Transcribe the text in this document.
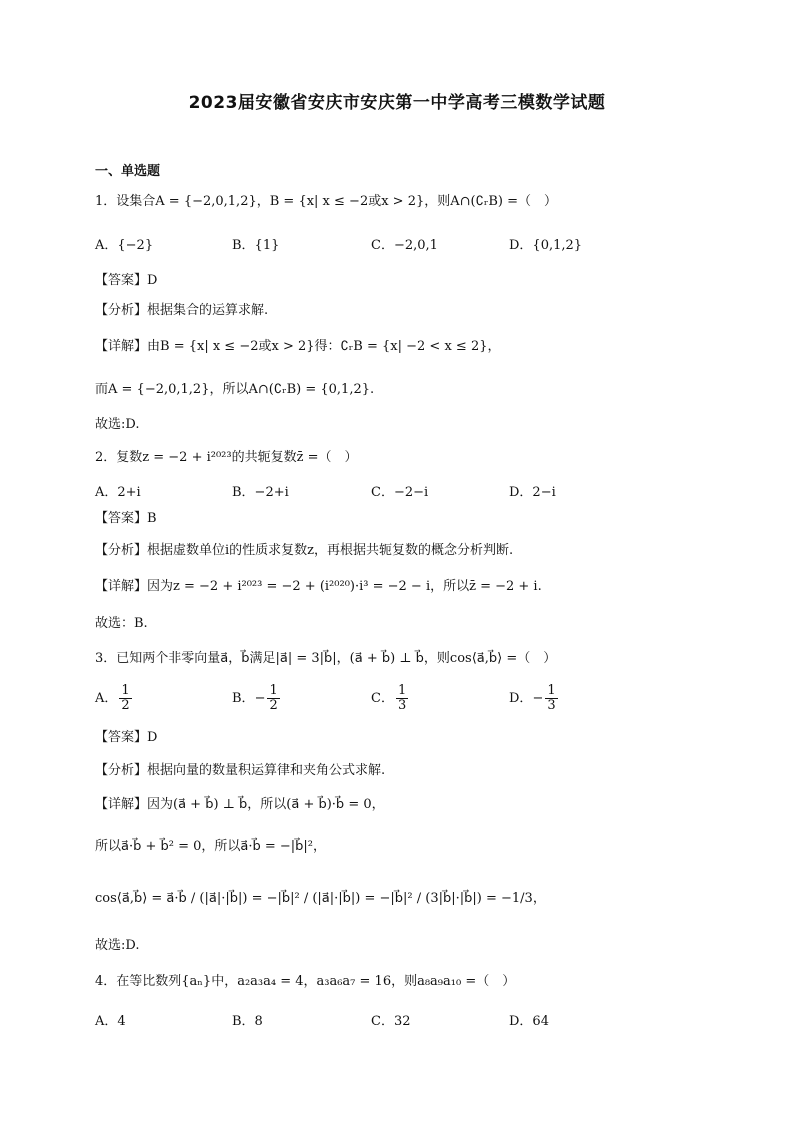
2023届安徽省安庆市安庆第一中学高考三模数学试题
一、单选题
1．设集合A = {−2,0,1,2}，B = {x| x ≤ −2或x > 2}，则A∩(∁ᵣB) =（　）
A．{−2}	B．{1}	C．−2,0,1	D．{0,1,2}
【答案】D
【分析】根据集合的运算求解.
【详解】由B = {x| x ≤ −2或x > 2}得：∁ᵣB = {x| −2 < x ≤ 2}，
而A = {−2,0,1,2}，所以A∩(∁ᵣB) = {0,1,2}.
故选:D.
2．复数z = −2 + i²⁰²³的共轭复数z̄ =（　）
A．2+i	B．−2+i	C．−2−i	D．2−i
【答案】B
【分析】根据虚数单位i的性质求复数z，再根据共轭复数的概念分析判断.
【详解】因为z = −2 + i²⁰²³ = −2 + (i²⁰²⁰)·i³ = −2 − i，所以z̄ = −2 + i.
故选：B.
3．已知两个非零向量a⃗，b⃗满足|a⃗| = 3|b⃗|，(a⃗ + b⃗) ⊥ b⃗，则cos⟨a⃗,b⃗⟩ =（　）
A． $\frac{1}{2}$	B．− $\frac{1}{2}$	C． $\frac{1}{3}$	D．− $\frac{1}{3}$
【答案】D
【分析】根据向量的数量积运算律和夹角公式求解.
【详解】因为(a⃗ + b⃗) ⊥ b⃗，所以(a⃗ + b⃗)·b⃗ = 0，
所以a⃗·b⃗ + b⃗² = 0，所以a⃗·b⃗ = −|b⃗|²，
cos⟨a⃗,b⃗⟩ = a⃗·b⃗ / (|a⃗|·|b⃗|) = −|b⃗|² / (|a⃗|·|b⃗|) = −|b⃗|² / (3|b⃗|·|b⃗|) = −1/3，
故选:D.
4．在等比数列{aₙ}中，a₂a₃a₄ = 4，a₃a₆a₇ = 16，则a₈a₉a₁₀ =（　）
A．4	B．8	C．32	D．64
